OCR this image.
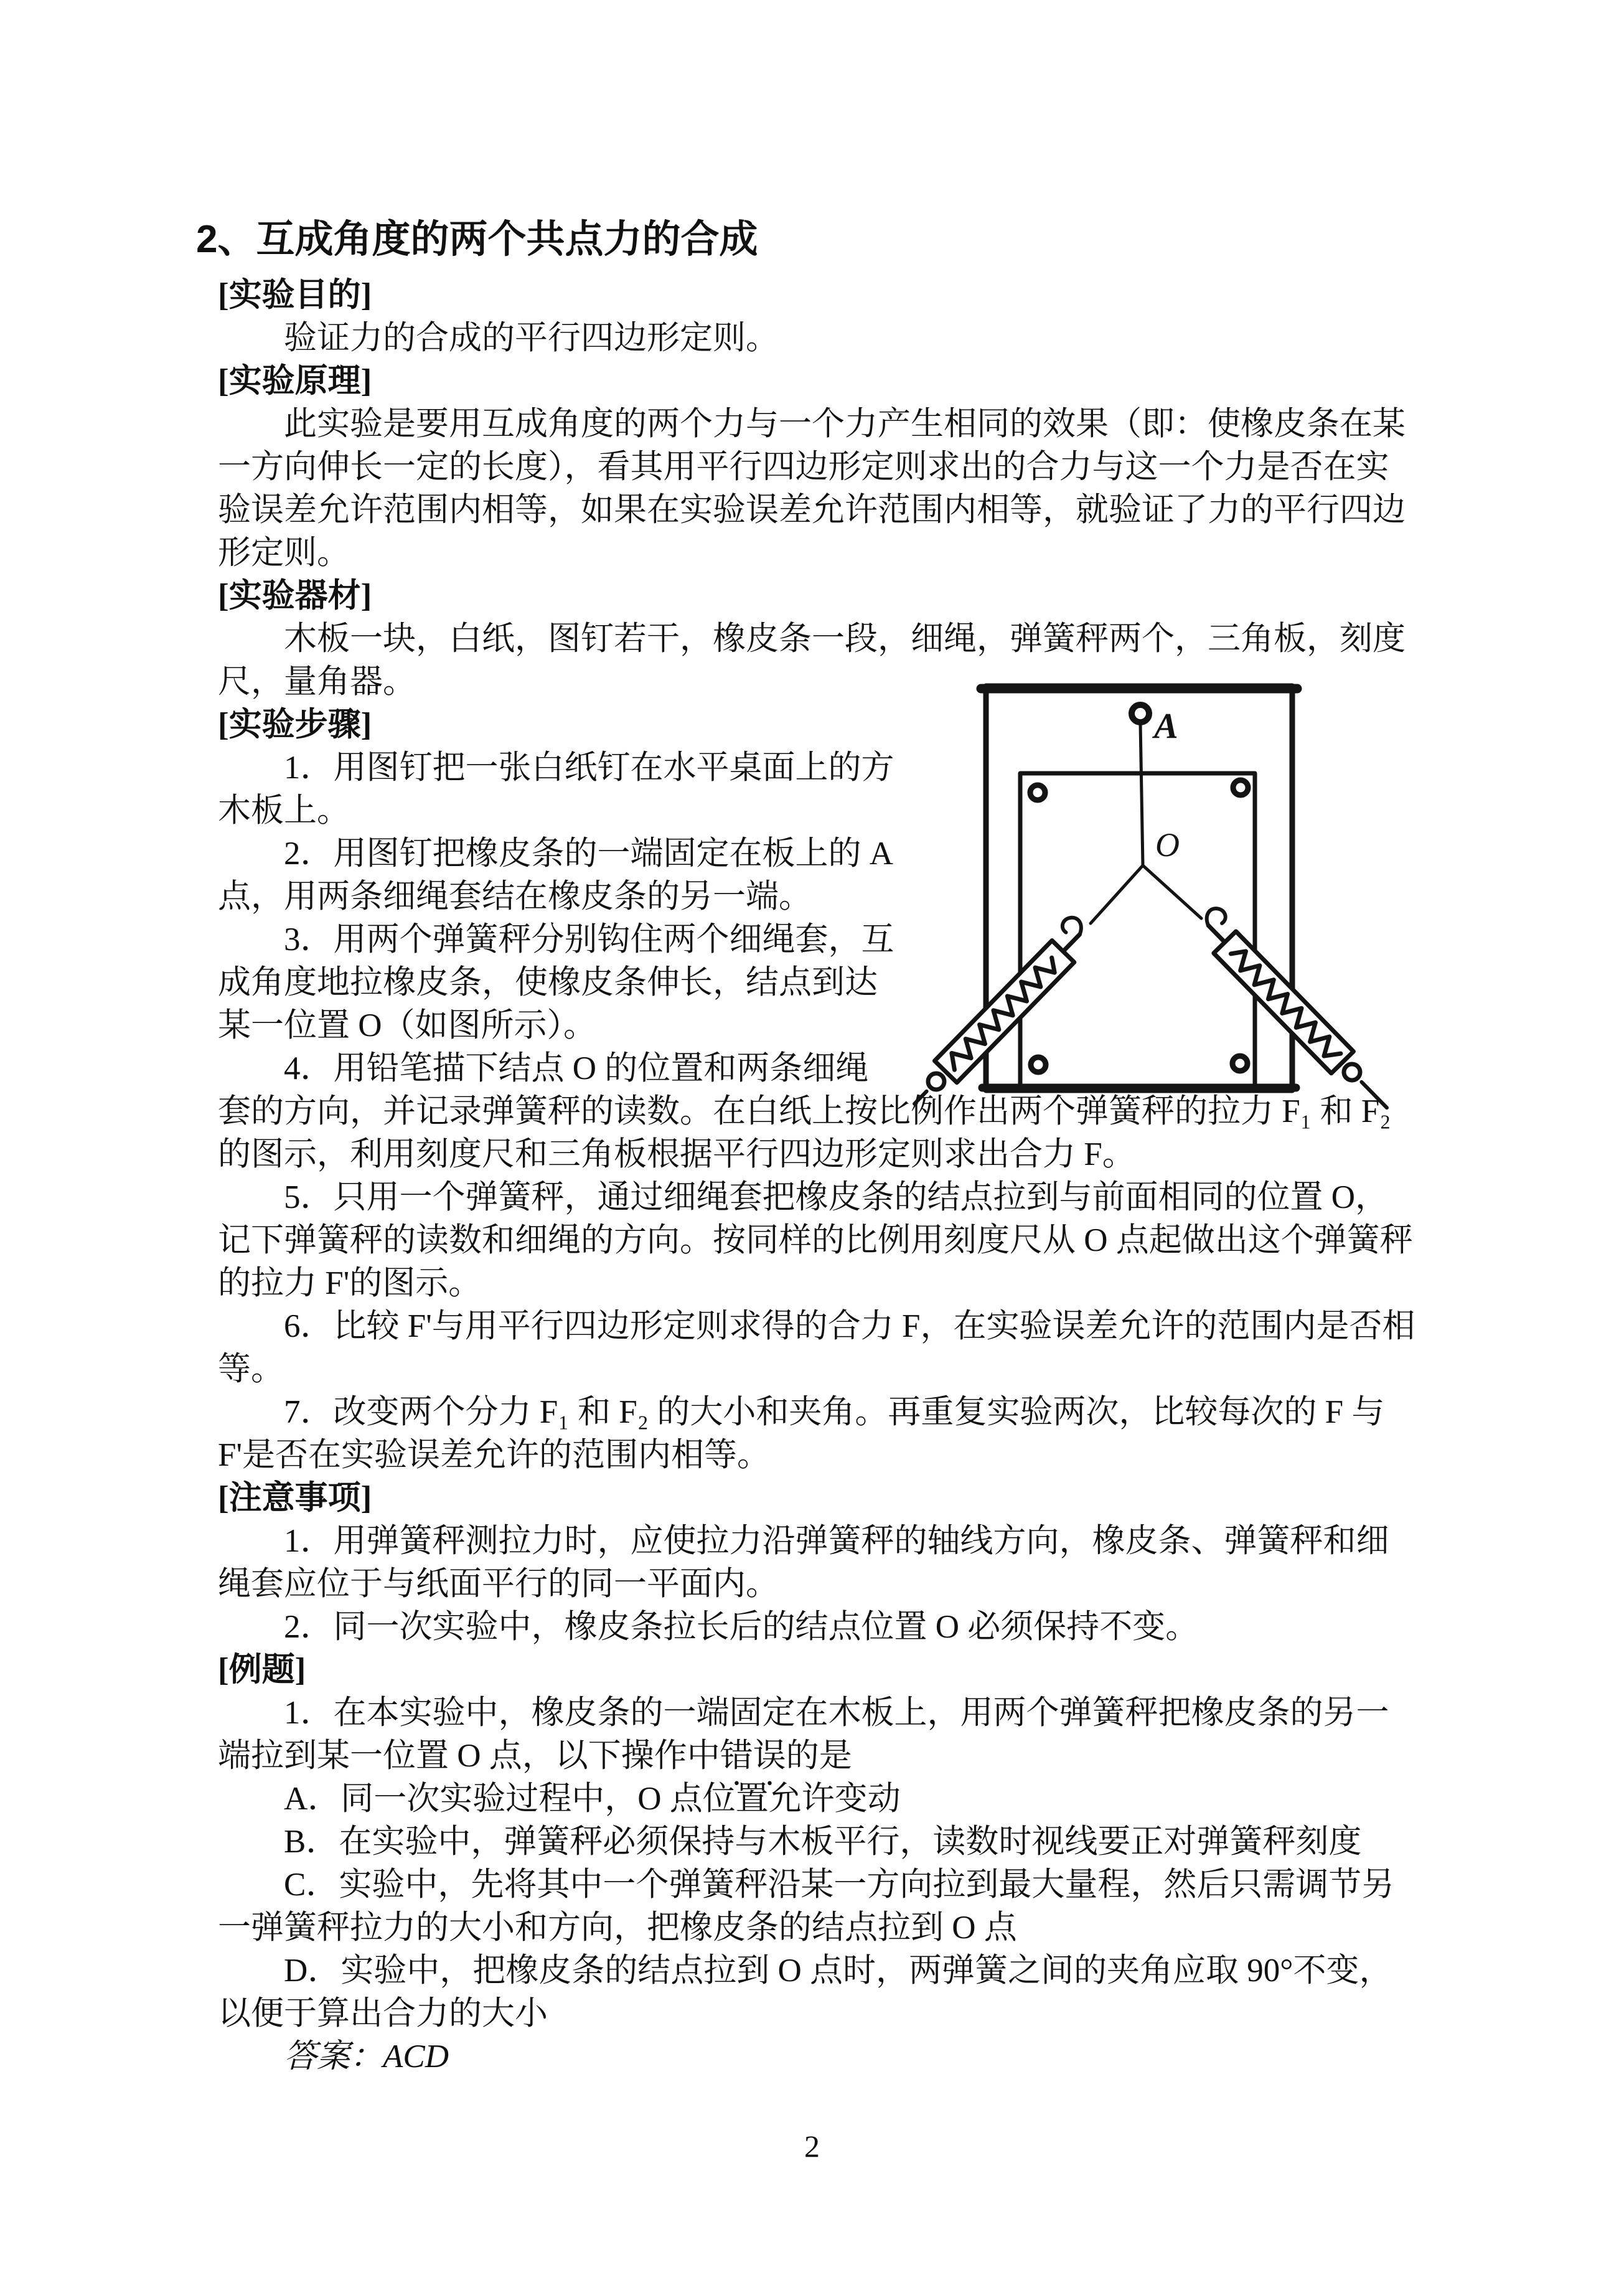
2、互成角度的两个共点力的合成
[实验目的]
验证力的合成的平行四边形定则。
[实验原理]
此实验是要用互成角度的两个力与一个力产生相同的效果（即：使橡皮条在某
一方向伸长一定的长度），看其用平行四边形定则求出的合力与这一个力是否在实
验误差允许范围内相等，如果在实验误差允许范围内相等，就验证了力的平行四边
形定则。
[实验器材]
木板一块，白纸，图钉若干，橡皮条一段，细绳，弹簧秤两个，三角板，刻度
尺，量角器。
[实验步骤]
1．用图钉把一张白纸钉在水平桌面上的方
木板上。
2．用图钉把橡皮条的一端固定在板上的 A
点，用两条细绳套结在橡皮条的另一端。
3．用两个弹簧秤分别钩住两个细绳套，互
成角度地拉橡皮条，使橡皮条伸长，结点到达
某一位置 O（如图所示）。
4．用铅笔描下结点 O 的位置和两条细绳
套的方向，并记录弹簧秤的读数。在白纸上按比例作出两个弹簧秤的拉力 F₁ 和 F₂
的图示，利用刻度尺和三角板根据平行四边形定则求出合力 F。
5．只用一个弹簧秤，通过细绳套把橡皮条的结点拉到与前面相同的位置 O，
记下弹簧秤的读数和细绳的方向。按同样的比例用刻度尺从 O 点起做出这个弹簧秤
的拉力 F'的图示。
6．比较 F'与用平行四边形定则求得的合力 F，在实验误差允许的范围内是否相
等。
7．改变两个分力 F₁ 和 F₂ 的大小和夹角。再重复实验两次，比较每次的 F 与
F'是否在实验误差允许的范围内相等。
[注意事项]
1．用弹簧秤测拉力时，应使拉力沿弹簧秤的轴线方向，橡皮条、弹簧秤和细
绳套应位于与纸面平行的同一平面内。
2．同一次实验中，橡皮条拉长后的结点位置 O 必须保持不变。
[例题]
1．在本实验中，橡皮条的一端固定在木板上，用两个弹簧秤把橡皮条的另一
端拉到某一位置 O 点，以下操作中错误的是
A．同一次实验过程中，O 点位置允许变动
B．在实验中，弹簧秤必须保持与木板平行，读数时视线要正对弹簧秤刻度
C．实验中，先将其中一个弹簧秤沿某一方向拉到最大量程，然后只需调节另
一弹簧秤拉力的大小和方向，把橡皮条的结点拉到 O 点
D．实验中，把橡皮条的结点拉到 O 点时，两弹簧之间的夹角应取 90°不变，
以便于算出合力的大小
答案：ACD
A
O
2
